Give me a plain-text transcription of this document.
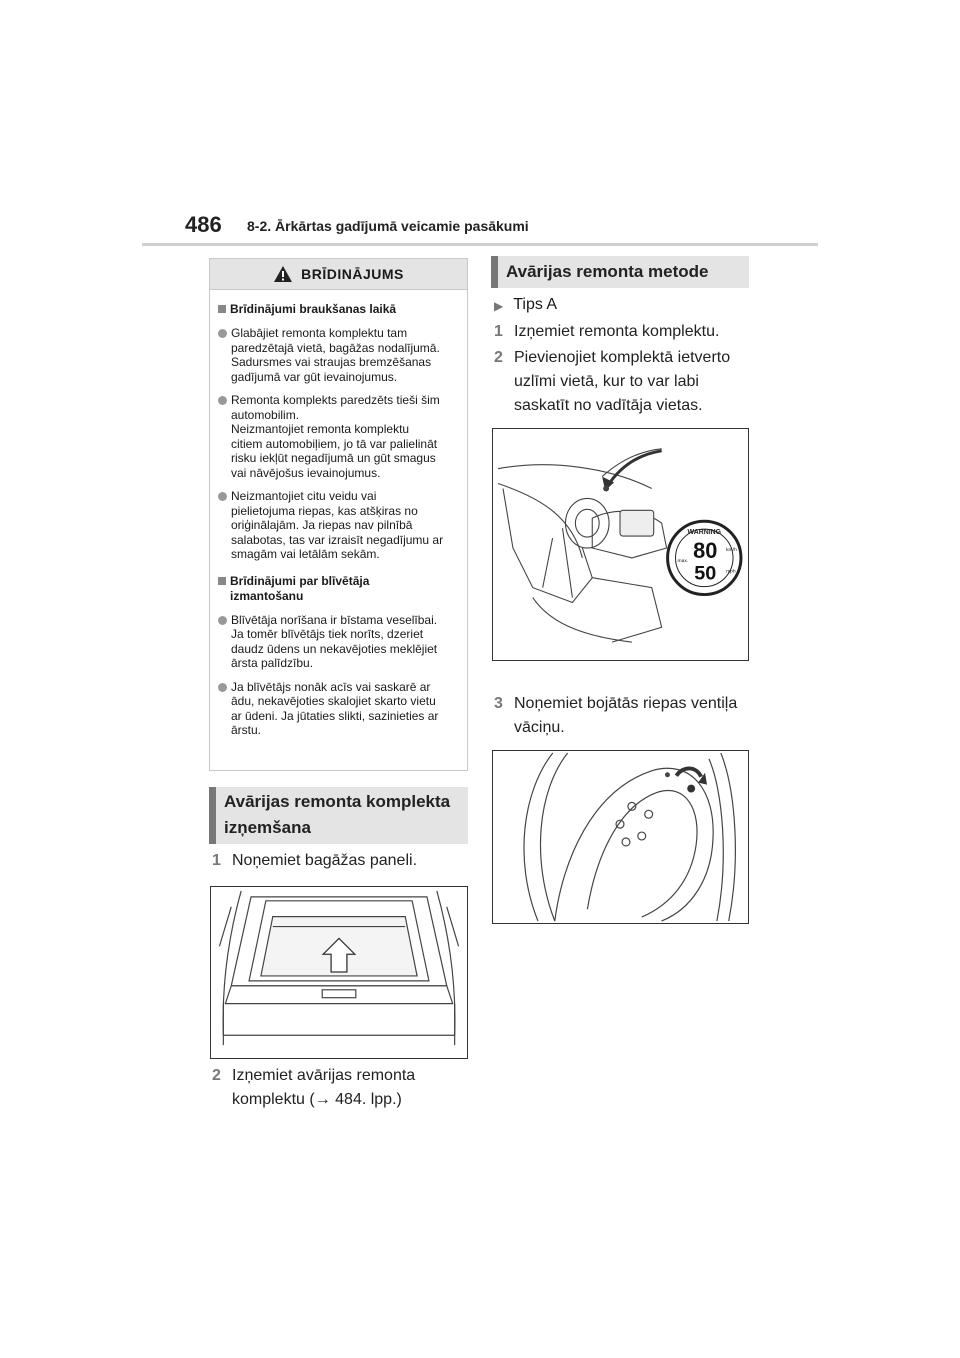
486 8-2. Ārkārtas gadījumā veicamie pasākumi
BRĪDINĀJUMS
Brīdinājumi braukšanas laikā
Glabājiet remonta komplektu tam
paredzētajā vietā, bagāžas nodalījumā.
Sadursmes vai straujas bremzēšanas
gadījumā var gūt ievainojumus.
Remonta komplekts paredzēts tieši šim
automobilim.
Neizmantojiet remonta komplektu
citiem automobiļiem, jo tā var palielināt
risku iekļūt negadījumā un gūt smagus
vai nāvējošus ievainojumus.
Neizmantojiet citu veidu vai
pielietojuma riepas, kas atšķiras no
oriģinālajām. Ja riepas nav pilnībā
salabotas, tas var izraisīt negadījumu ar
smagām vai letālām sekām.
Brīdinājumi par blīvētāja
izmantošanu
Blīvētāja norīšana ir bīstama veselībai.
Ja tomēr blīvētājs tiek norīts, dzeriet
daudz ūdens un nekavējoties meklējiet
ārsta palīdzību.
Ja blīvētājs nonāk acīs vai saskarē ar
ādu, nekavējoties skalojiet skarto vietu
ar ūdeni. Ja jūtaties slikti, sazinieties ar
ārstu.
Avārijas remonta komplekta
izņemšana
1 Noņemiet bagāžas paneli.
2 Izņemiet avārijas remonta
komplektu (→ 484. lpp.)
Avārijas remonta metode
▶ Tips A
1 Izņemiet remonta komplektu.
2 Pievienojiet komplektā ietverto
uzlīmi vietā, kur to var labi
saskatīt no vadītāja vietas.
WARNING
80
50
km/h
mph
max.
3 Noņemiet bojātās riepas ventiļa
vāciņu.
